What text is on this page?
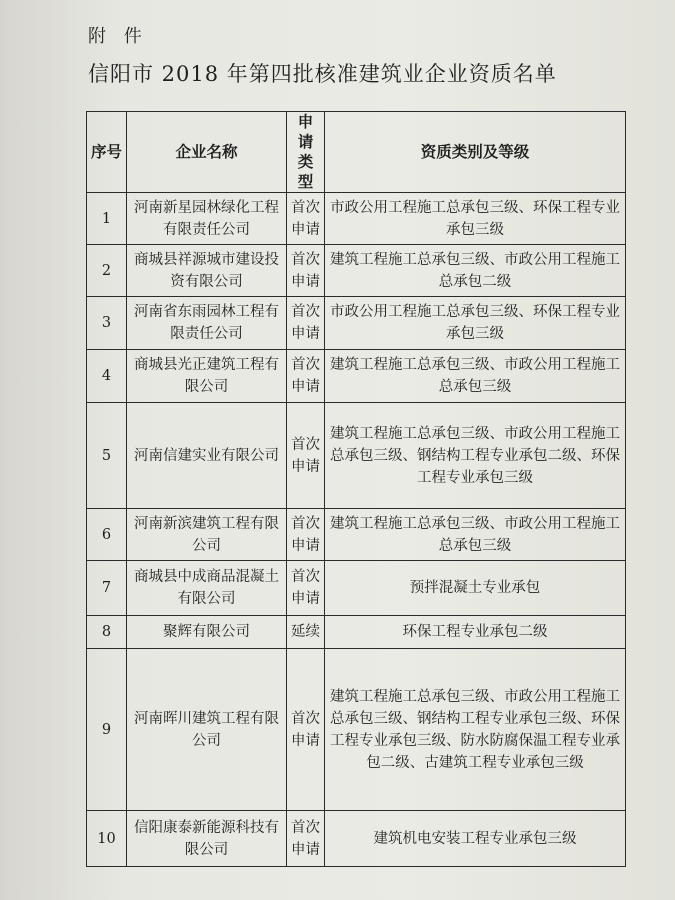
附 件
信阳市 2018 年第四批核准建筑业企业资质名单
序号	企业名称	申请类型	资质类别及等级
1	河南新星园林绿化工程有限责任公司	首次申请	市政公用工程施工总承包三级、环保工程专业承包三级
2	商城县祥源城市建设投资有限公司	首次申请	建筑工程施工总承包三级、市政公用工程施工总承包二级
3	河南省东雨园林工程有限责任公司	首次申请	市政公用工程施工总承包三级、环保工程专业承包三级
4	商城县光正建筑工程有限公司	首次申请	建筑工程施工总承包三级、市政公用工程施工总承包三级
5	河南信建实业有限公司	首次申请	建筑工程施工总承包三级、市政公用工程施工总承包三级、钢结构工程专业承包二级、环保工程专业承包三级
6	河南新滨建筑工程有限公司	首次申请	建筑工程施工总承包三级、市政公用工程施工总承包三级
7	商城县中成商品混凝土有限公司	首次申请	预拌混凝土专业承包
8	聚辉有限公司	延续	环保工程专业承包二级
9	河南晖川建筑工程有限公司	首次申请	建筑工程施工总承包三级、市政公用工程施工总承包三级、钢结构工程专业承包三级、环保工程专业承包三级、防水防腐保温工程专业承包二级、古建筑工程专业承包三级
10	信阳康泰新能源科技有限公司	首次申请	建筑机电安装工程专业承包三级
